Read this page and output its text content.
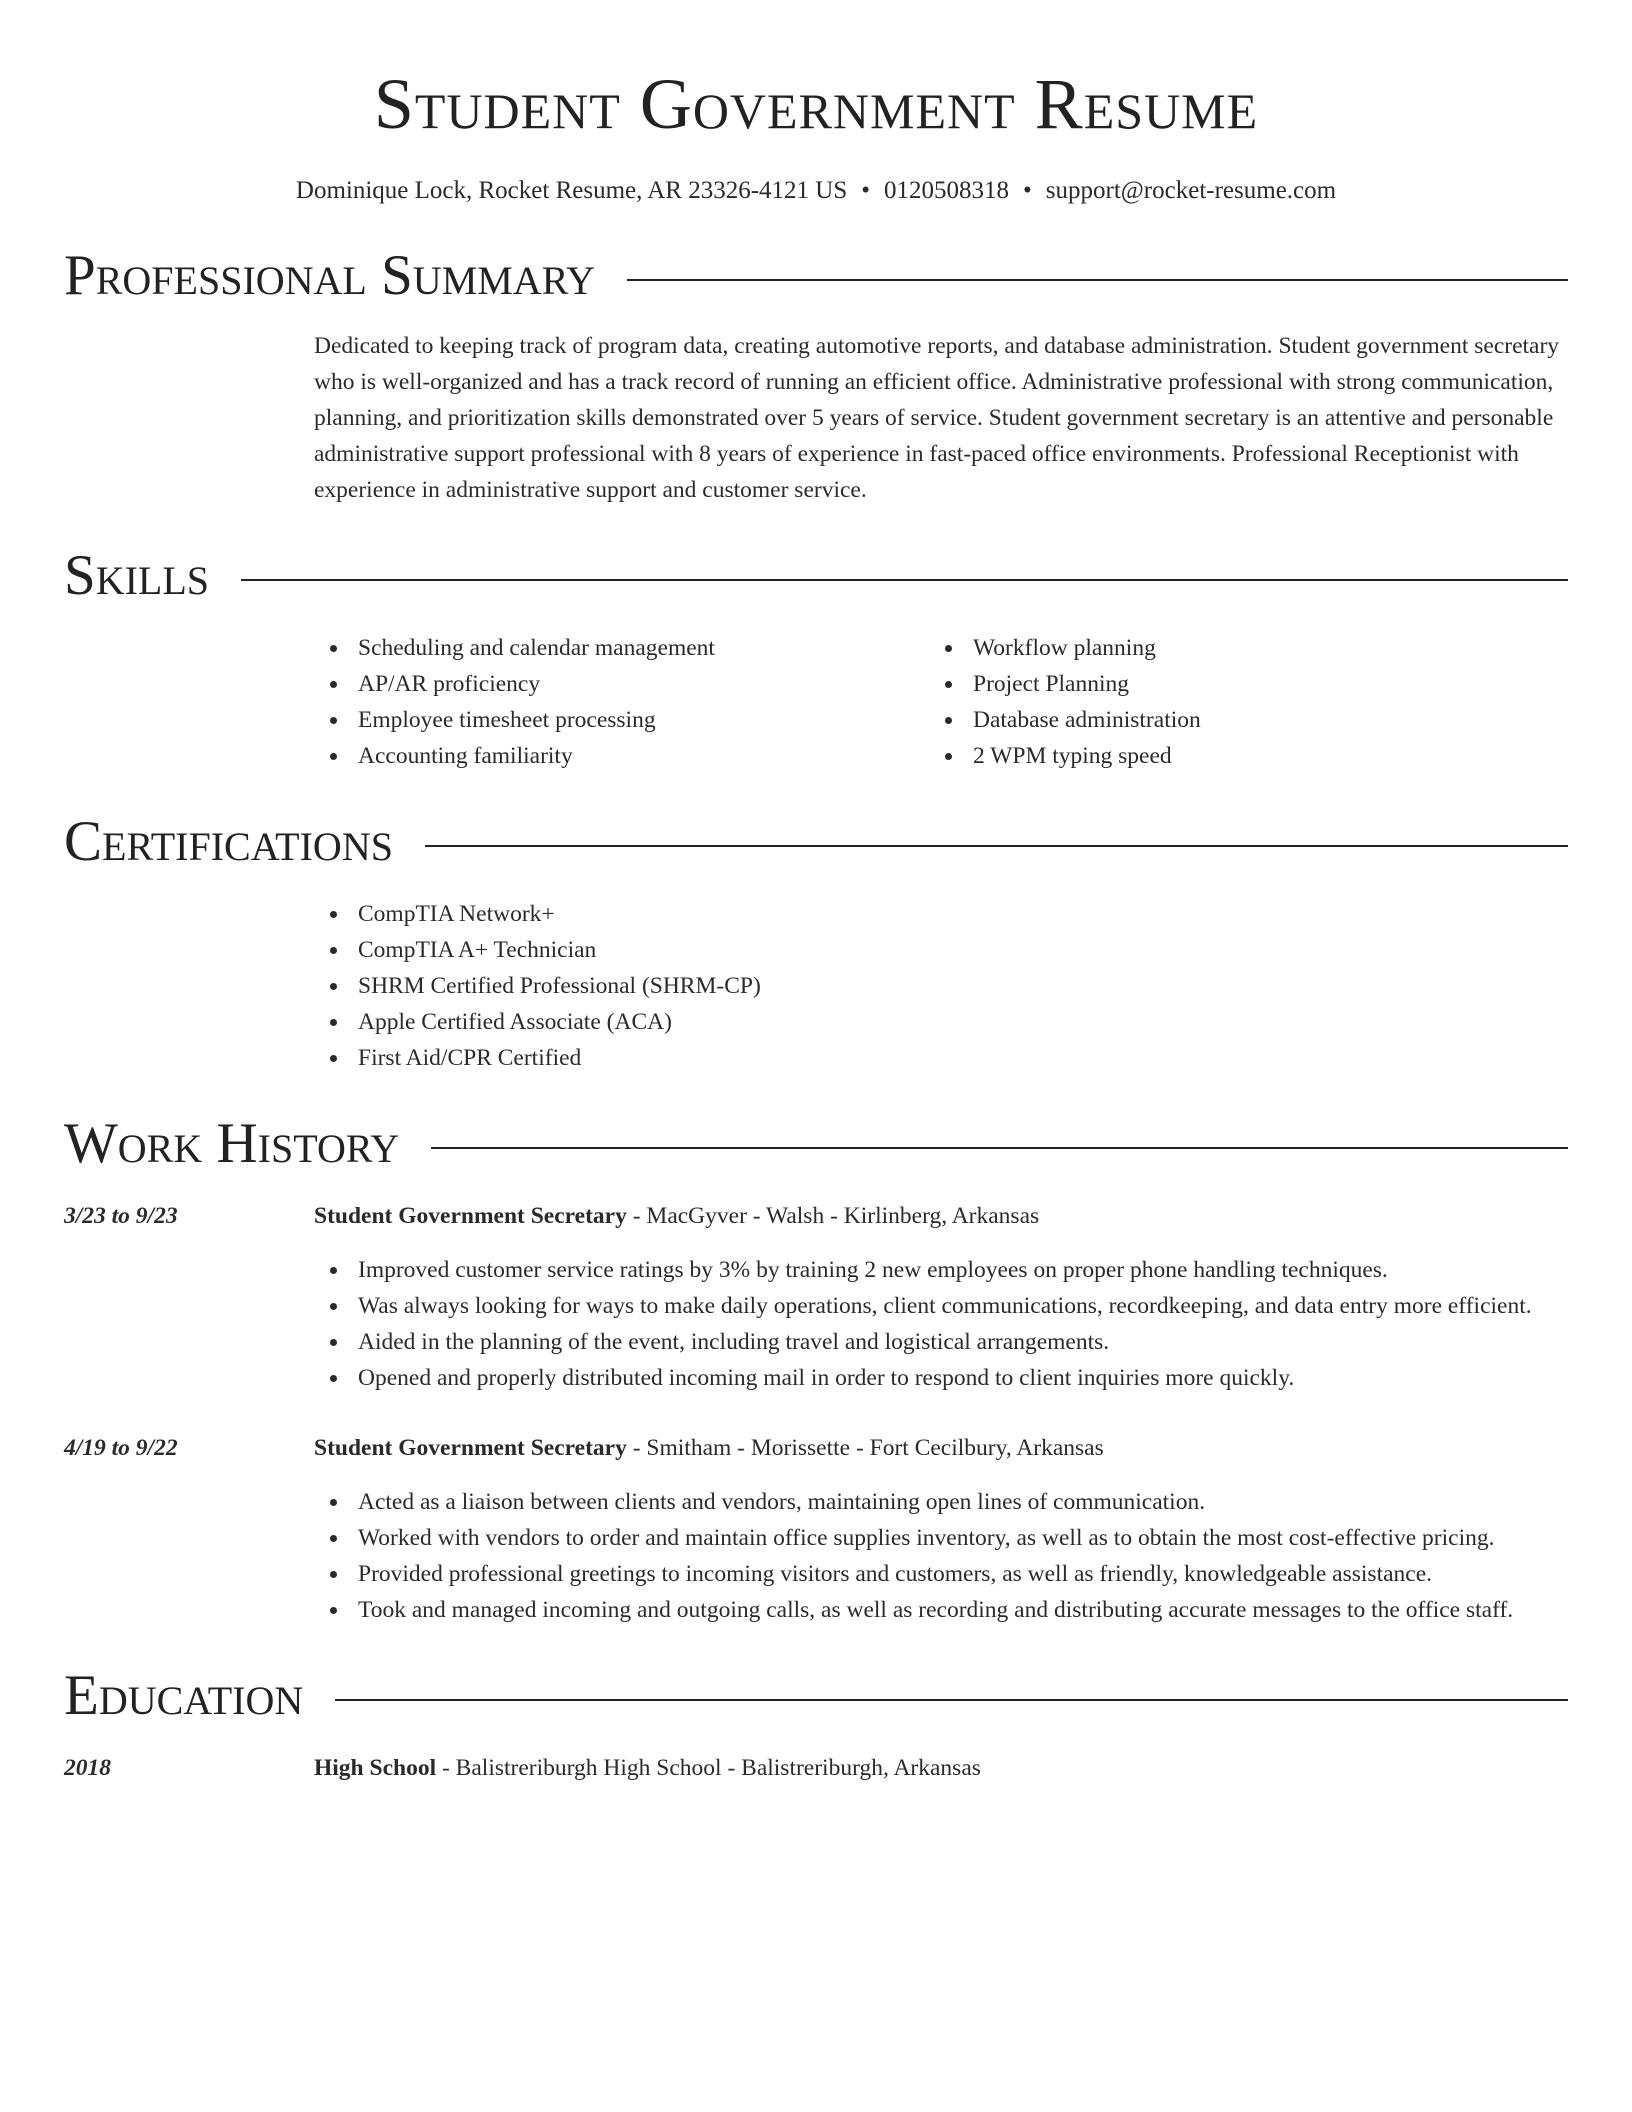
Student Government Resume
Dominique Lock, Rocket Resume, AR 23326-4121 US • 0120508318 • support@rocket-resume.com
Professional Summary
Dedicated to keeping track of program data, creating automotive reports, and database administration. Student government secretary who is well-organized and has a track record of running an efficient office. Administrative professional with strong communication, planning, and prioritization skills demonstrated over 5 years of service. Student government secretary is an attentive and personable administrative support professional with 8 years of experience in fast-paced office environments. Professional Receptionist with experience in administrative support and customer service.
Skills
Scheduling and calendar management
AP/AR proficiency
Employee timesheet processing
Accounting familiarity
Workflow planning
Project Planning
Database administration
2 WPM typing speed
Certifications
CompTIA Network+
CompTIA A+ Technician
SHRM Certified Professional (SHRM-CP)
Apple Certified Associate (ACA)
First Aid/CPR Certified
Work History
3/23 to 9/23	Student Government Secretary - MacGyver - Walsh - Kirlinberg, Arkansas
Improved customer service ratings by 3% by training 2 new employees on proper phone handling techniques.
Was always looking for ways to make daily operations, client communications, recordkeeping, and data entry more efficient.
Aided in the planning of the event, including travel and logistical arrangements.
Opened and properly distributed incoming mail in order to respond to client inquiries more quickly.
4/19 to 9/22	Student Government Secretary - Smitham - Morissette - Fort Cecilbury, Arkansas
Acted as a liaison between clients and vendors, maintaining open lines of communication.
Worked with vendors to order and maintain office supplies inventory, as well as to obtain the most cost-effective pricing.
Provided professional greetings to incoming visitors and customers, as well as friendly, knowledgeable assistance.
Took and managed incoming and outgoing calls, as well as recording and distributing accurate messages to the office staff.
Education
2018	High School - Balistreriburgh High School - Balistreriburgh, Arkansas
